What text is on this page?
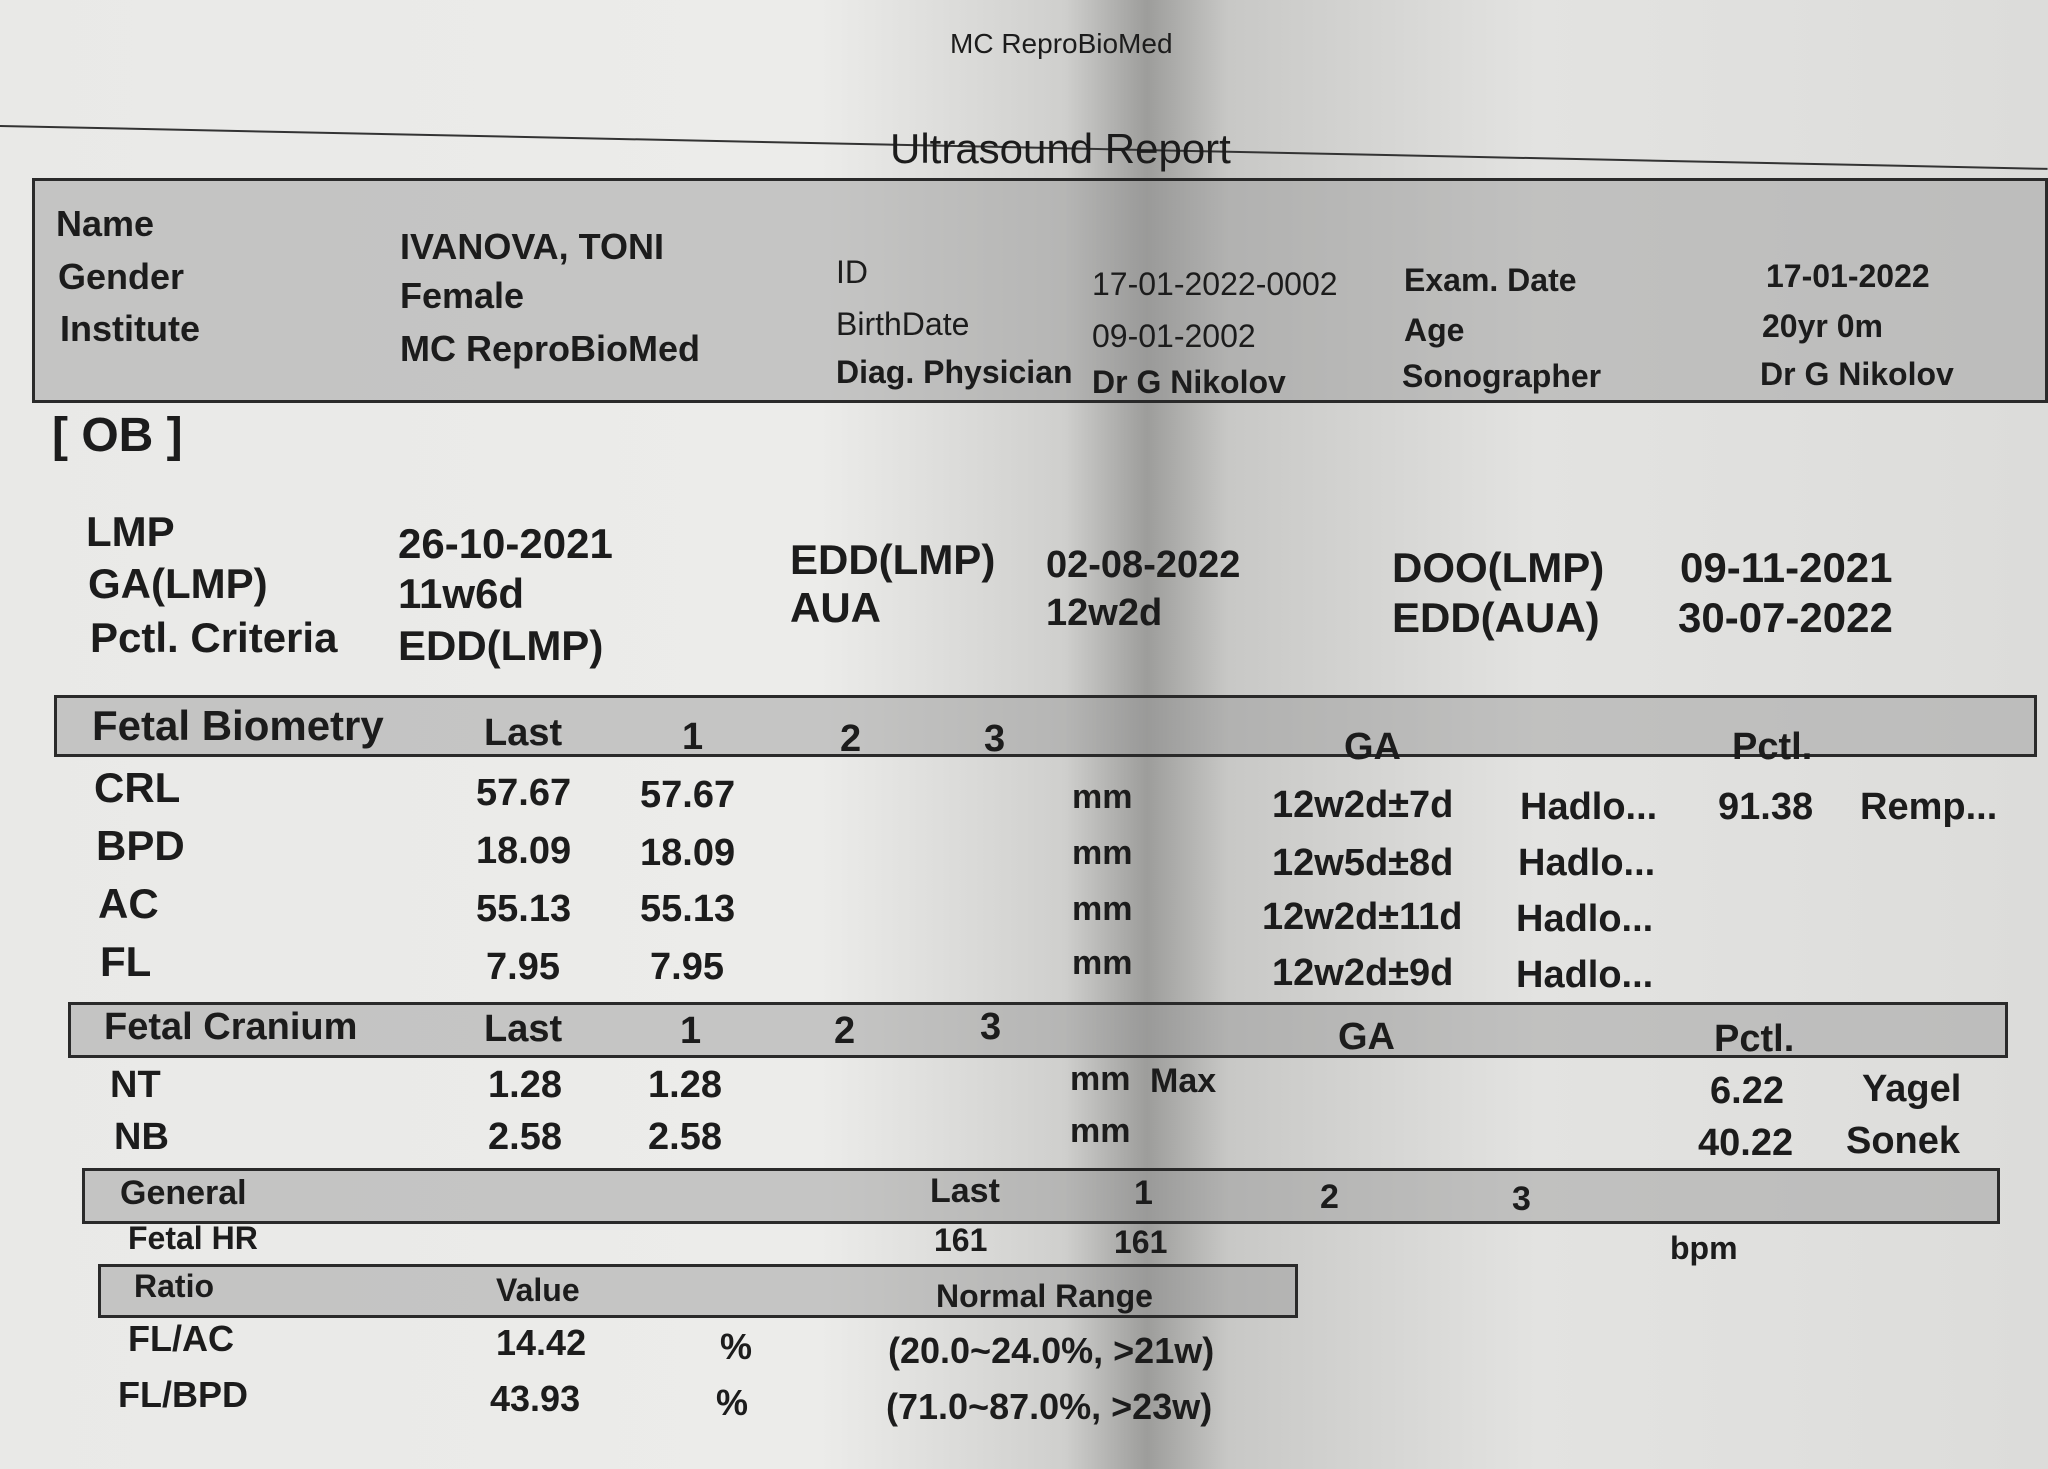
MC ReproBioMed
Ultrasound Report
Name
IVANOVA, TONI
Gender	Female
Institute	MC ReproBioMed
ID	17-01-2022-0002
BirthDate	09-01-2002
Diag. Physician Dr G Nikolov
Exam. Date	17-01-2022
Age	20yr 0m
Sonographer	Dr G Nikolov
[ OB ]
LMP	26-10-2021
GA(LMP)	11w6d
Pctl. Criteria EDD(LMP)
EDD(LMP) 02-08-2022
AUA	12w2d
DOO(LMP) 09-11-2021
EDD(AUA) 30-07-2022
Fetal Biometry	Last	1	2	3	GA	Pctl.
CRL	57.67 57.67	mm	12w2d±7d Hadlo... 91.38 Remp...
BPD	18.09 18.09	mm	12w5d±8d Hadlo...
AC	55.13 55.13	mm	12w2d±11d Hadlo...
FL	7.95 7.95	mm	12w2d±9d Hadlo...
Fetal Cranium	Last	1	2	3	GA	Pctl.
NT	1.28 1.28	mm Max	6.22 Yagel
NB	2.58 2.58	mm	40.22 Sonek
General	Last	1	2	3
Fetal HR	161	161	bpm
Ratio	Value	Normal Range
FL/AC	14.42	%	(20.0~24.0%, >21w)
FL/BPD	43.93	%	(71.0~87.0%, >23w)
